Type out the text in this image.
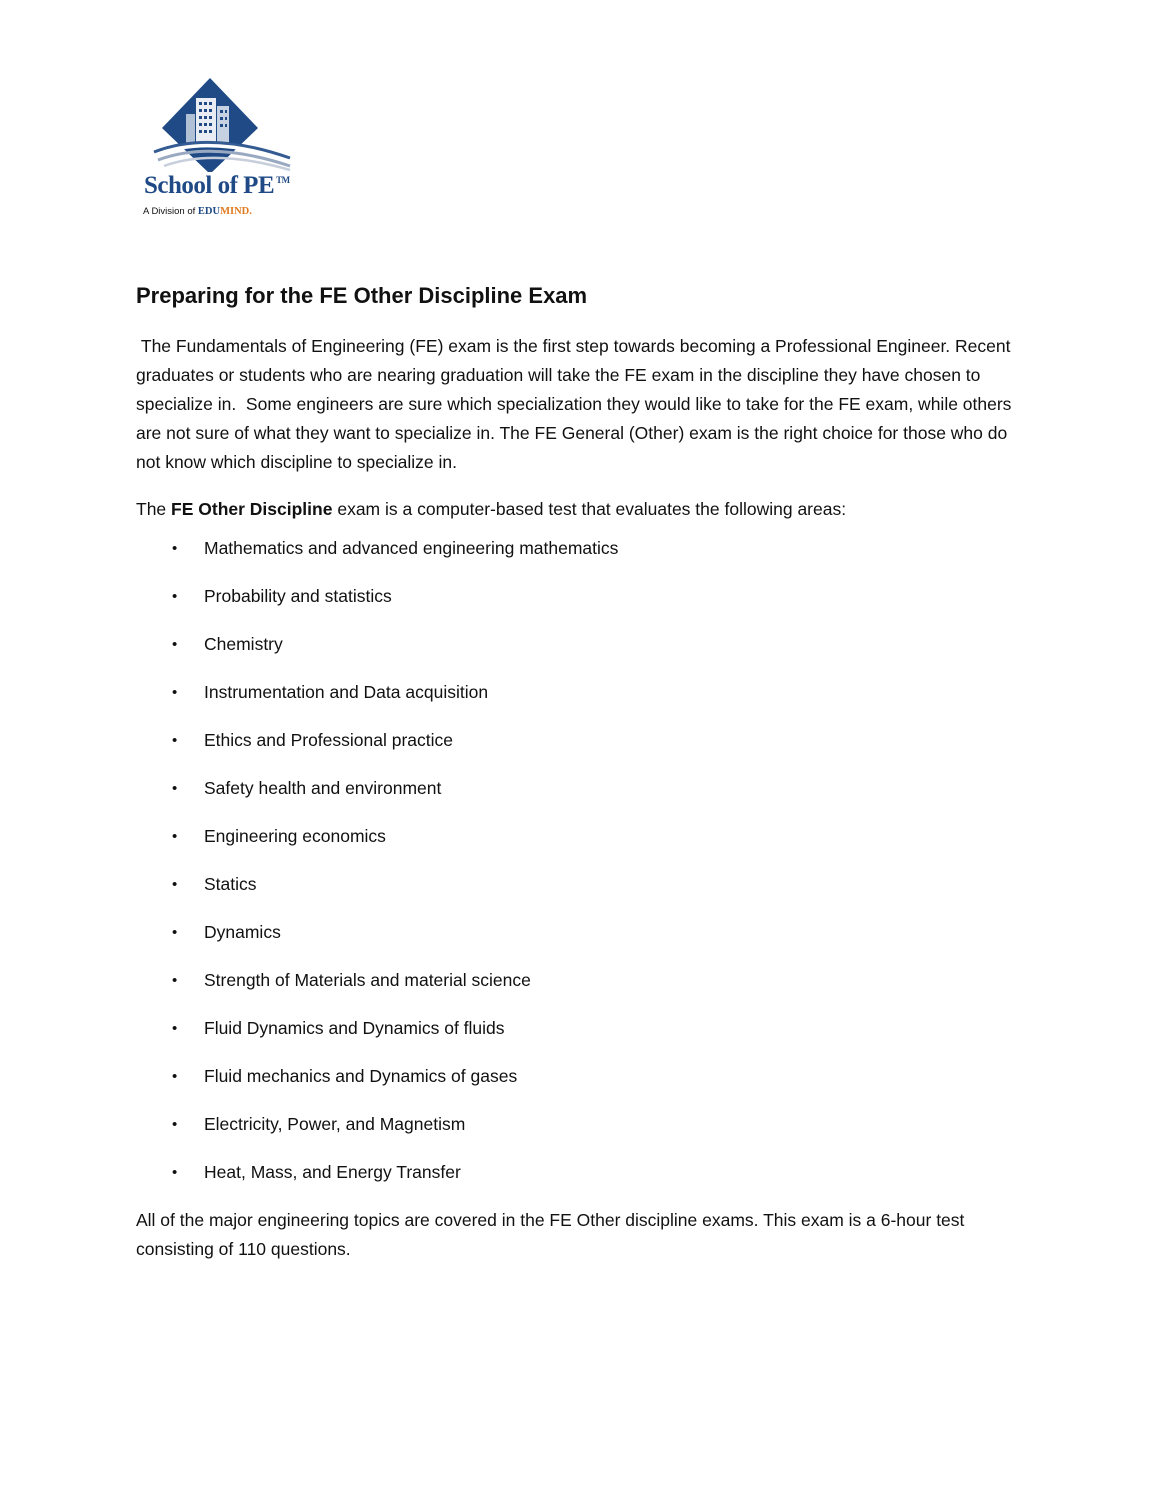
School of PE ™
A Division of EDUMIND.
Preparing for the FE Other Discipline Exam

The Fundamentals of Engineering (FE) exam is the first step towards becoming a Professional Engineer. Recent graduates or students who are nearing graduation will take the FE exam in the discipline they have chosen to specialize in.  Some engineers are sure which specialization they would like to take for the FE exam, while others are not sure of what they want to specialize in. The FE General (Other) exam is the right choice for those who do not know which discipline to specialize in.

The FE Other Discipline exam is a computer-based test that evaluates the following areas:

• Mathematics and advanced engineering mathematics
• Probability and statistics
• Chemistry
• Instrumentation and Data acquisition
• Ethics and Professional practice
• Safety health and environment
• Engineering economics
• Statics
• Dynamics
• Strength of Materials and material science
• Fluid Dynamics and Dynamics of fluids
• Fluid mechanics and Dynamics of gases
• Electricity, Power, and Magnetism
• Heat, Mass, and Energy Transfer

All of the major engineering topics are covered in the FE Other discipline exams. This exam is a 6-hour test consisting of 110 questions.
